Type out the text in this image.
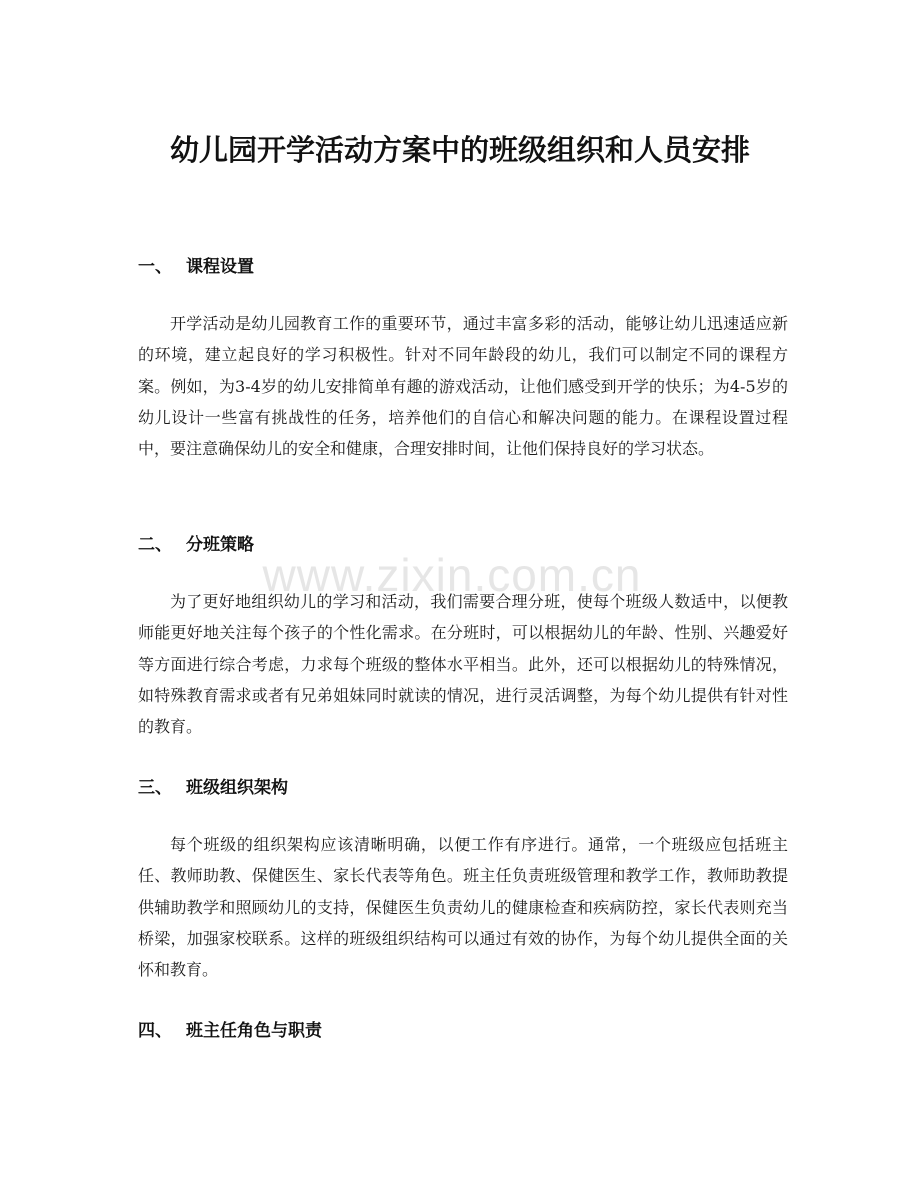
www.zixin.com.cn
幼儿园开学活动方案中的班级组织和人员安排
一、 课程设置

开学活动是幼儿园教育工作的重要环节，通过丰富多彩的活动，能够让幼儿迅速适应新的环境，建立起良好的学习积极性。针对不同年龄段的幼儿，我们可以制定不同的课程方案。例如，为3-4岁的幼儿安排简单有趣的游戏活动，让他们感受到开学的快乐；为4-5岁的幼儿设计一些富有挑战性的任务，培养他们的自信心和解决问题的能力。在课程设置过程中，要注意确保幼儿的安全和健康，合理安排时间，让他们保持良好的学习状态。

二、 分班策略

为了更好地组织幼儿的学习和活动，我们需要合理分班，使每个班级人数适中，以便教师能更好地关注每个孩子的个性化需求。在分班时，可以根据幼儿的年龄、性别、兴趣爱好等方面进行综合考虑，力求每个班级的整体水平相当。此外，还可以根据幼儿的特殊情况，如特殊教育需求或者有兄弟姐妹同时就读的情况，进行灵活调整，为每个幼儿提供有针对性的教育。

三、 班级组织架构

每个班级的组织架构应该清晰明确，以便工作有序进行。通常，一个班级应包括班主任、教师助教、保健医生、家长代表等角色。班主任负责班级管理和教学工作，教师助教提供辅助教学和照顾幼儿的支持，保健医生负责幼儿的健康检查和疾病防控，家长代表则充当桥梁，加强家校联系。这样的班级组织结构可以通过有效的协作，为每个幼儿提供全面的关怀和教育。

四、 班主任角色与职责
